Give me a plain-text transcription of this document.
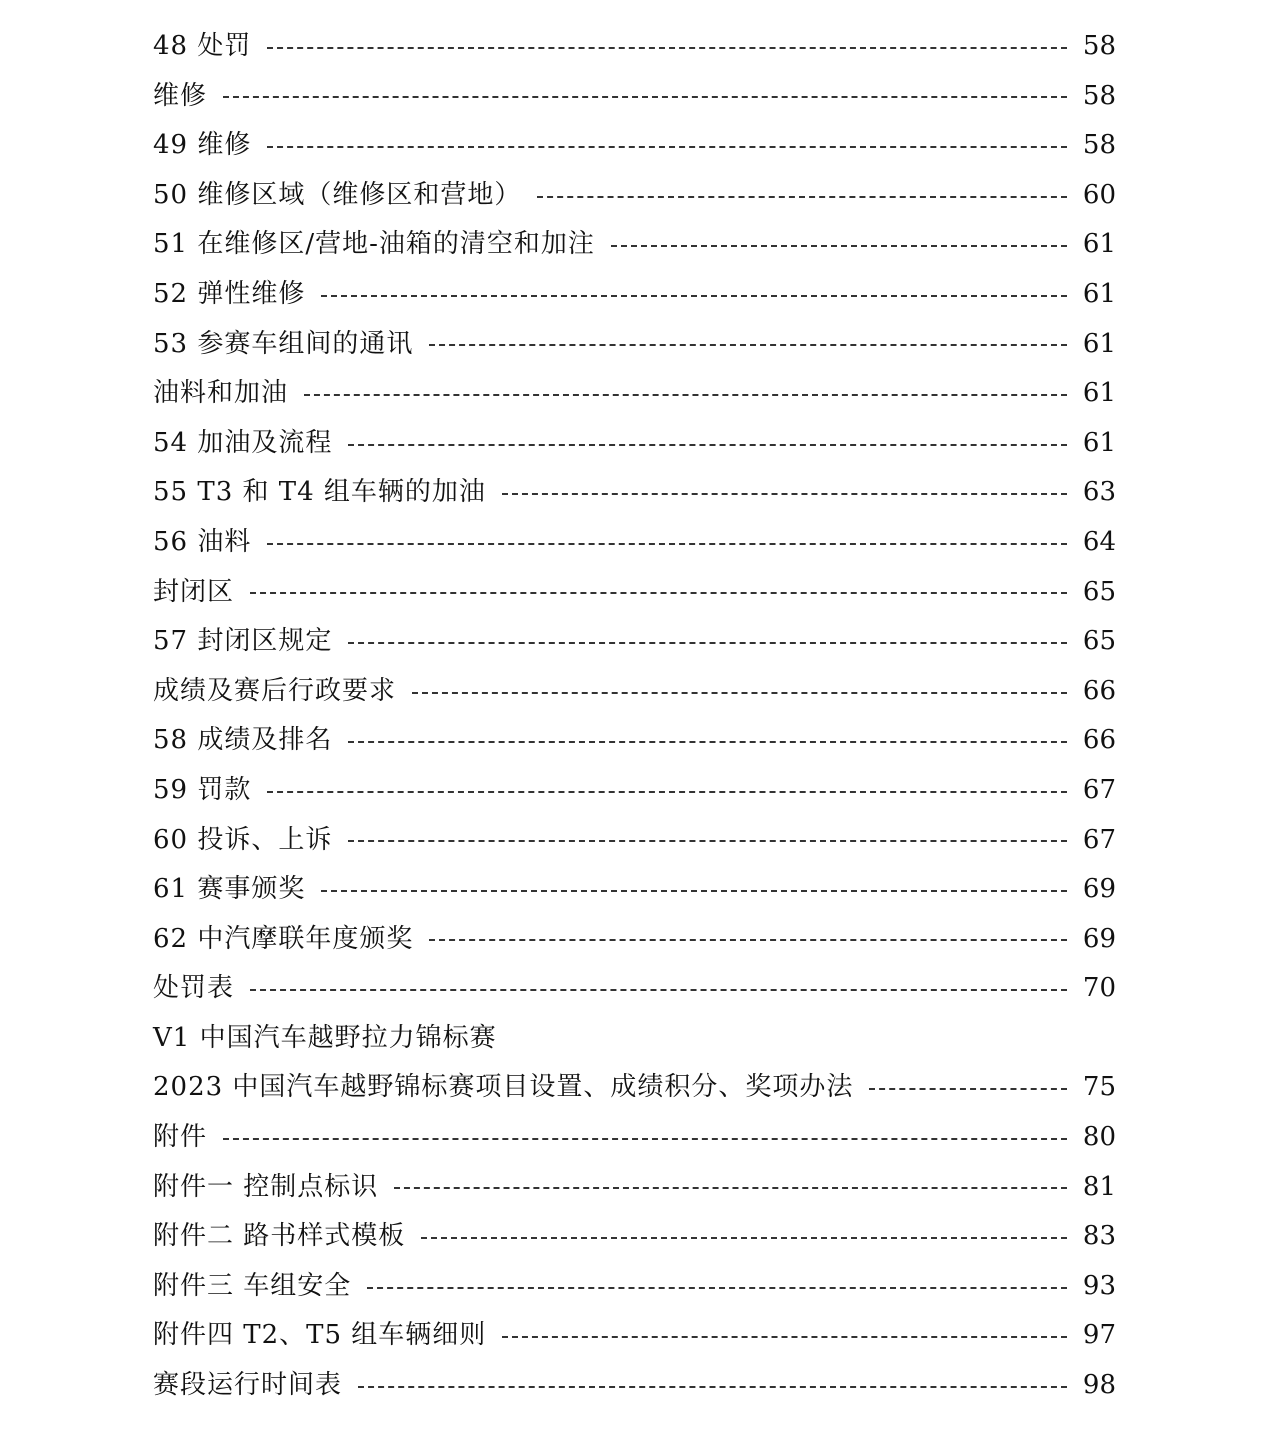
48 处罚	58
维修	58
49 维修	58
50 维修区域（维修区和营地）	60
51 在维修区/营地-油箱的清空和加注	61
52 弹性维修	61
53 参赛车组间的通讯	61
油料和加油	61
54 加油及流程	61
55 T3 和 T4 组车辆的加油	63
56 油料	64
封闭区	65
57 封闭区规定	65
成绩及赛后行政要求	66
58 成绩及排名	66
59 罚款	67
60 投诉、上诉	67
61 赛事颁奖	69
62 中汽摩联年度颁奖	69
处罚表	70
V1 中国汽车越野拉力锦标赛
2023 中国汽车越野锦标赛项目设置、成绩积分、奖项办法	75
附件	80
附件一 控制点标识	81
附件二 路书样式模板	83
附件三 车组安全	93
附件四 T2、T5 组车辆细则	97
赛段运行时间表	98
